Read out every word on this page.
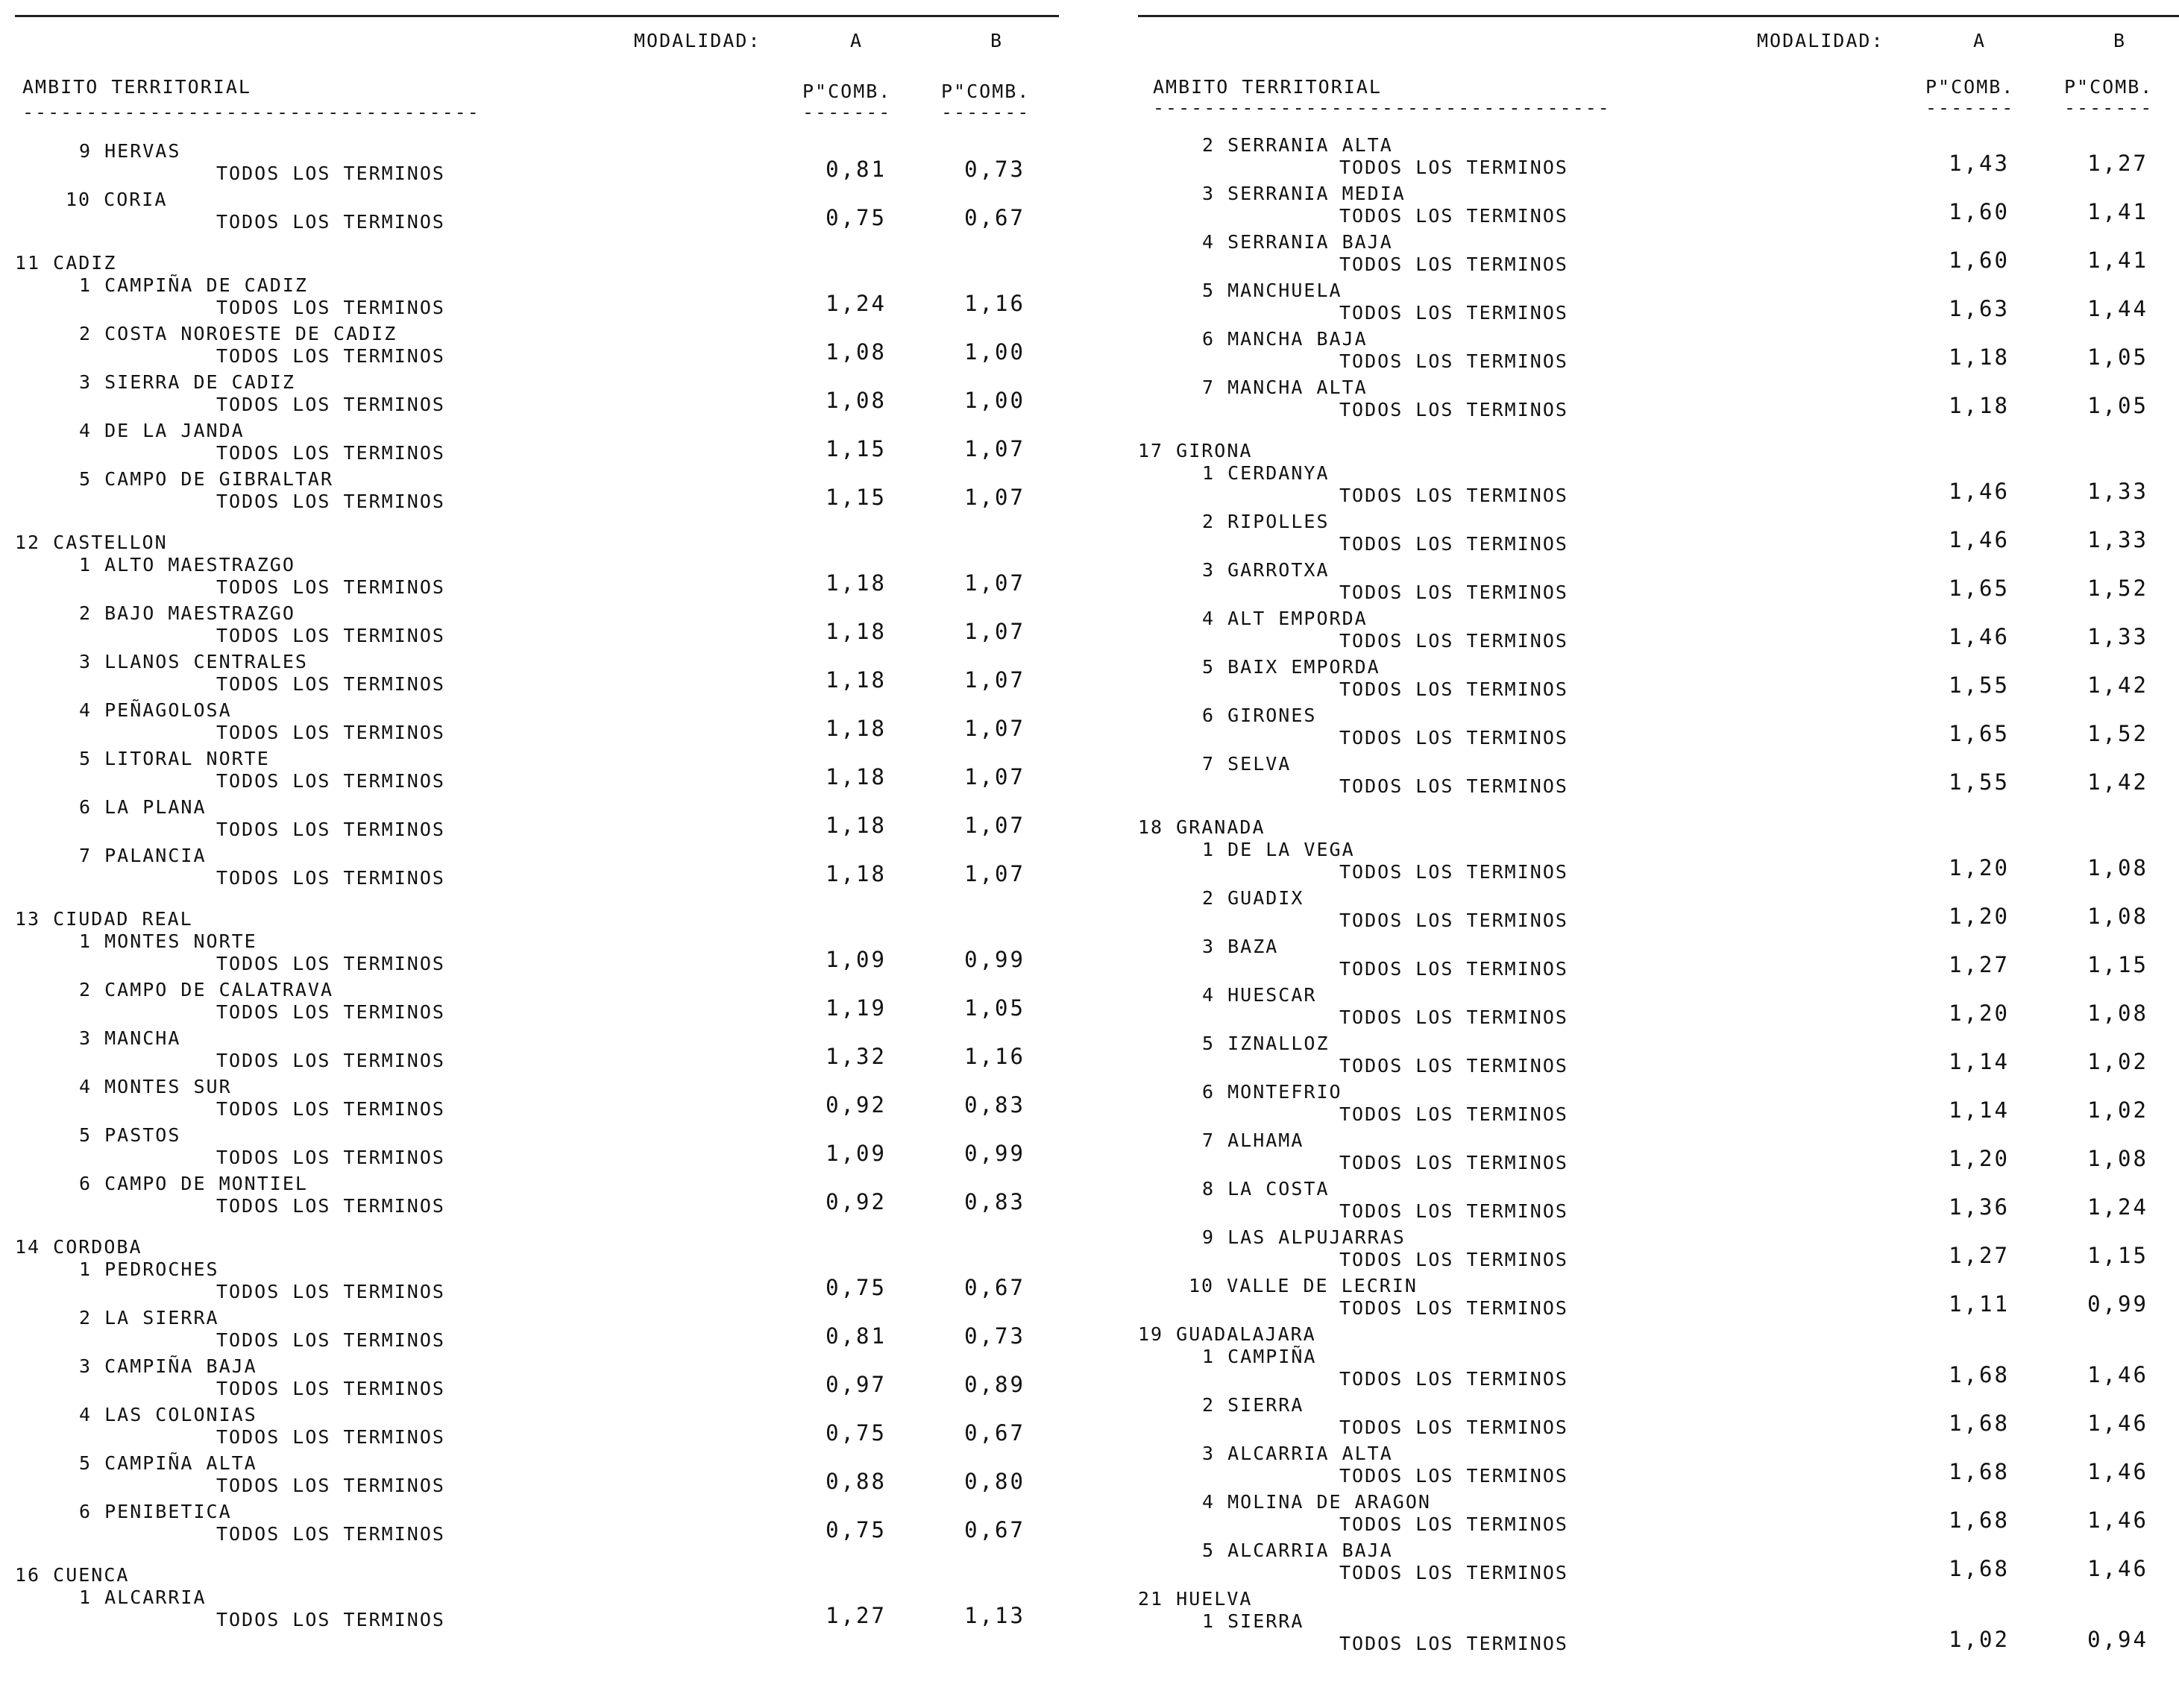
MODALIDAD:	A	B
AMBITO TERRITORIAL	P"COMB.	P"COMB.
------------------------------------	-------	-------
9 HERVAS
TODOS LOS TERMINOS	0,81	0,73
10 CORIA
TODOS LOS TERMINOS	0,75	0,67
11 CADIZ
1 CAMPIÑA DE CADIZ
TODOS LOS TERMINOS	1,24	1,16
2 COSTA NOROESTE DE CADIZ
TODOS LOS TERMINOS	1,08	1,00
3 SIERRA DE CADIZ
TODOS LOS TERMINOS	1,08	1,00
4 DE LA JANDA
TODOS LOS TERMINOS	1,15	1,07
5 CAMPO DE GIBRALTAR
TODOS LOS TERMINOS	1,15	1,07
12 CASTELLON
1 ALTO MAESTRAZGO
TODOS LOS TERMINOS	1,18	1,07
2 BAJO MAESTRAZGO
TODOS LOS TERMINOS	1,18	1,07
3 LLANOS CENTRALES
TODOS LOS TERMINOS	1,18	1,07
4 PEÑAGOLOSA
TODOS LOS TERMINOS	1,18	1,07
5 LITORAL NORTE
TODOS LOS TERMINOS	1,18	1,07
6 LA PLANA
TODOS LOS TERMINOS	1,18	1,07
7 PALANCIA
TODOS LOS TERMINOS	1,18	1,07
13 CIUDAD REAL
1 MONTES NORTE
TODOS LOS TERMINOS	1,09	0,99
2 CAMPO DE CALATRAVA
TODOS LOS TERMINOS	1,19	1,05
3 MANCHA
TODOS LOS TERMINOS	1,32	1,16
4 MONTES SUR
TODOS LOS TERMINOS	0,92	0,83
5 PASTOS
TODOS LOS TERMINOS	1,09	0,99
6 CAMPO DE MONTIEL
TODOS LOS TERMINOS	0,92	0,83
14 CORDOBA
1 PEDROCHES
TODOS LOS TERMINOS	0,75	0,67
2 LA SIERRA
TODOS LOS TERMINOS	0,81	0,73
3 CAMPIÑA BAJA
TODOS LOS TERMINOS	0,97	0,89
4 LAS COLONIAS
TODOS LOS TERMINOS	0,75	0,67
5 CAMPIÑA ALTA
TODOS LOS TERMINOS	0,88	0,80
6 PENIBETICA
TODOS LOS TERMINOS	0,75	0,67
16 CUENCA
1 ALCARRIA
TODOS LOS TERMINOS	1,27	1,13
MODALIDAD:	A	B
AMBITO TERRITORIAL	P"COMB.	P"COMB.
------------------------------------	-------	-------
2 SERRANIA ALTA
TODOS LOS TERMINOS	1,43	1,27
3 SERRANIA MEDIA
TODOS LOS TERMINOS	1,60	1,41
4 SERRANIA BAJA
TODOS LOS TERMINOS	1,60	1,41
5 MANCHUELA
TODOS LOS TERMINOS	1,63	1,44
6 MANCHA BAJA
TODOS LOS TERMINOS	1,18	1,05
7 MANCHA ALTA
TODOS LOS TERMINOS	1,18	1,05
17 GIRONA
1 CERDANYA
TODOS LOS TERMINOS	1,46	1,33
2 RIPOLLES
TODOS LOS TERMINOS	1,46	1,33
3 GARROTXA
TODOS LOS TERMINOS	1,65	1,52
4 ALT EMPORDA
TODOS LOS TERMINOS	1,46	1,33
5 BAIX EMPORDA
TODOS LOS TERMINOS	1,55	1,42
6 GIRONES
TODOS LOS TERMINOS	1,65	1,52
7 SELVA
TODOS LOS TERMINOS	1,55	1,42
18 GRANADA
1 DE LA VEGA
TODOS LOS TERMINOS	1,20	1,08
2 GUADIX
TODOS LOS TERMINOS	1,20	1,08
3 BAZA
TODOS LOS TERMINOS	1,27	1,15
4 HUESCAR
TODOS LOS TERMINOS	1,20	1,08
5 IZNALLOZ
TODOS LOS TERMINOS	1,14	1,02
6 MONTEFRIO
TODOS LOS TERMINOS	1,14	1,02
7 ALHAMA
TODOS LOS TERMINOS	1,20	1,08
8 LA COSTA
TODOS LOS TERMINOS	1,36	1,24
9 LAS ALPUJARRAS
TODOS LOS TERMINOS	1,27	1,15
10 VALLE DE LECRIN
TODOS LOS TERMINOS	1,11	0,99
19 GUADALAJARA
1 CAMPIÑA
TODOS LOS TERMINOS	1,68	1,46
2 SIERRA
TODOS LOS TERMINOS	1,68	1,46
3 ALCARRIA ALTA
TODOS LOS TERMINOS	1,68	1,46
4 MOLINA DE ARAGON
TODOS LOS TERMINOS	1,68	1,46
5 ALCARRIA BAJA
TODOS LOS TERMINOS	1,68	1,46
21 HUELVA
1 SIERRA
TODOS LOS TERMINOS	1,02	0,94
